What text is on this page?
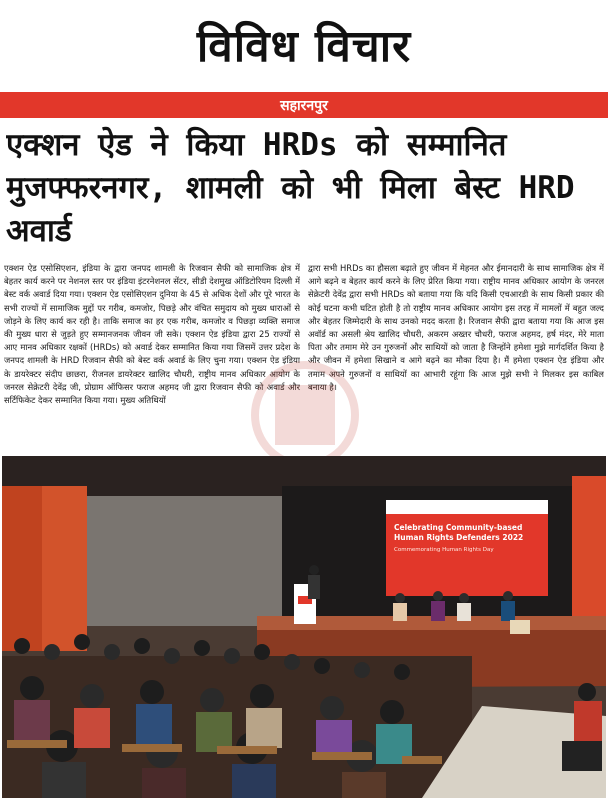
विविध विचार
सहारनपुर
एक्शन ऐड ने किया HRDs को सम्मानित
मुजफ्फरनगर, शामली को भी मिला बेस्ट HRD
अवार्ड
एक्शन ऐड एसोसिएशन, इंडिया के द्वारा जनपद शामली के रिजवान सैफी को सामाजिक क्षेत्र में बेहतर कार्य करने पर नेशनल स्तर पर इंडिया इंटरनेशनल सेंटर, सीडी देशमुख ऑडिटोरियम दिल्ली में बेस्ट वर्क अवार्ड दिया गया। एक्शन ऐड एसोसिएशन दुनिया के 45 से अधिक देशों और पूरे भारत के सभी राज्यों में सामाजिक मुद्दों पर गरीब, कमजोर, पिछड़े और वंचित समुदाय को मुख्य धाराओं से जोड़ने के लिए कार्य कर रही है। ताकि समाज का हर एक गरीब, कमजोर व पिछड़ा व्यक्ति समाज की मुख्य धारा से जुड़ते हुए सम्मानजनक जीवन जी सके। एक्शन ऐड इंडिया द्वारा 25 राज्यों से आए मानव अधिकार रक्षकों (HRDs) को अवार्ड देकर सम्मानित किया गया जिसमें उत्तर प्रदेश के जनपद शामली के HRD रिजवान सैफी को बेस्ट वर्क अवार्ड के लिए चुना गया। एक्शन ऐड इंडिया के डायरेक्टर संदीप छाछरा, रीजनल डायरेक्टर खालिद चौधरी, राष्ट्रीय मानव अधिकार आयोग के जनरल सेक्रेटरी देवेंद्र जी, प्रोग्राम ऑफिसर फराज अहमद जी द्वारा रिजवान सैफी को अवार्ड और सर्टिफिकेट देकर सम्मानित किया गया। मुख्य अतिथियों
द्वारा सभी HRDs का हौसला बढ़ाते हुए जीवन में मेहनत और ईमानदारी के साथ सामाजिक क्षेत्र में आगे बढ़ने व बेहतर कार्य करने के लिए प्रेरित किया गया। राष्ट्रीय मानव अधिकार आयोग के जनरल सेक्रेटरी देवेंद्र द्वारा सभी HRDs को बताया गया कि यदि किसी एचआरडी के साथ किसी प्रकार की कोई घटना कभी घटित होती है तो राष्ट्रीय मानव अधिकार आयोग इस तरह में मामलों में बहुत जल्द और बेहतर जिम्मेदारी के साथ उनको मदद करता है। रिजवान सैफी द्वारा बताया गया कि आज इस अवॉर्ड का असली श्रेय खालिद चौधरी, अकरम अख्तर चौधरी, फराज अहमद, हर्ष मंदर, मेरे माता पिता और तमाम मेरे उन गुरुजनों और साथियों को जाता है जिन्होंने हमेशा मुझे मार्गदर्शित किया है और जीवन में हमेशा सिखाने व आगे बढ़ने का मौका दिया है। मैं हमेशा एक्शन ऐड इंडिया और तमाम अपने गुरुजनों व साथियों का आभारी रहूंगा कि आज मुझे सभी ने मिलकर इस काबिल बनाया है।
Celebrating Community-based
Human Rights Defenders 2022
Commemorating Human Rights Day
